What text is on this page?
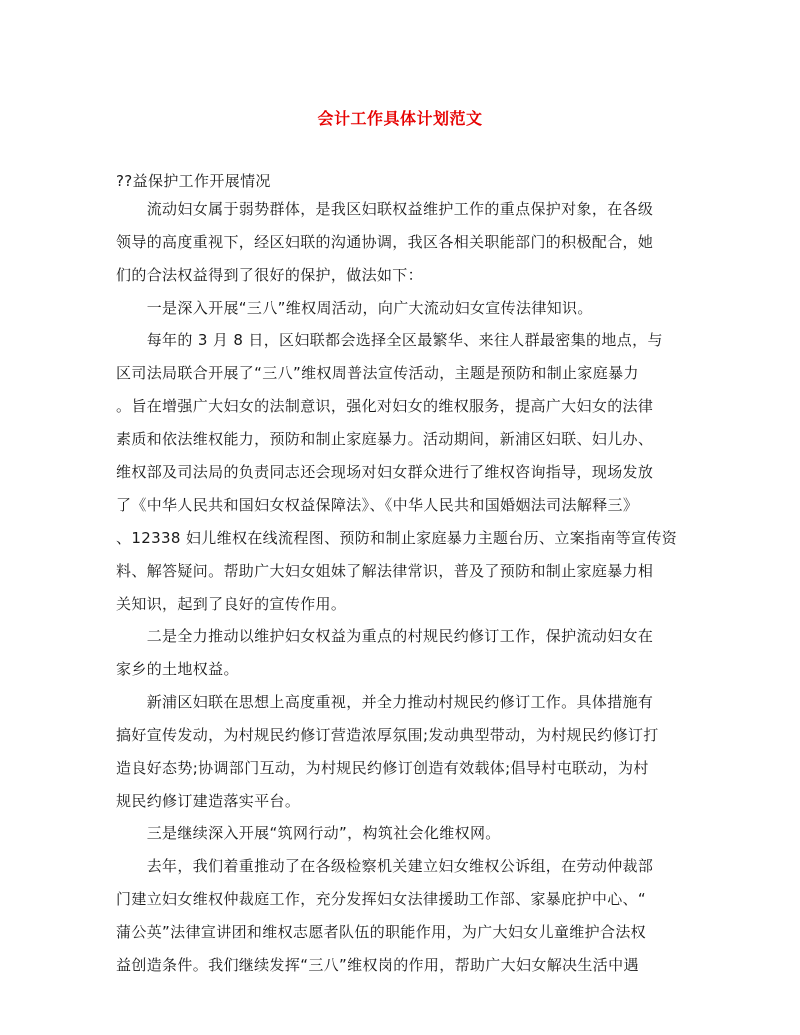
会计工作具体计划范文
??益保护工作开展情况
　　流动妇女属于弱势群体，是我区妇联权益维护工作的重点保护对象，在各级
领导的高度重视下，经区妇联的沟通协调，我区各相关职能部门的积极配合，她
们的合法权益得到了很好的保护，做法如下：
　　一是深入开展“三八”维权周活动，向广大流动妇女宣传法律知识。
　　每年的 3 月 8 日，区妇联都会选择全区最繁华、来往人群最密集的地点，与
区司法局联合开展了“三八”维权周普法宣传活动，主题是预防和制止家庭暴力
。旨在增强广大妇女的法制意识，强化对妇女的维权服务，提高广大妇女的法律
素质和依法维权能力，预防和制止家庭暴力。活动期间，新浦区妇联、妇儿办、
维权部及司法局的负责同志还会现场对妇女群众进行了维权咨询指导，现场发放
了《中华人民共和国妇女权益保障法》、《中华人民共和国婚姻法司法解释三》
、12338 妇儿维权在线流程图、预防和制止家庭暴力主题台历、立案指南等宣传资
料、解答疑问。帮助广大妇女姐妹了解法律常识，普及了预防和制止家庭暴力相
关知识，起到了良好的宣传作用。
　　二是全力推动以维护妇女权益为重点的村规民约修订工作，保护流动妇女在
家乡的土地权益。
　　新浦区妇联在思想上高度重视，并全力推动村规民约修订工作。具体措施有
搞好宣传发动，为村规民约修订营造浓厚氛围;发动典型带动，为村规民约修订打
造良好态势;协调部门互动，为村规民约修订创造有效载体;倡导村屯联动，为村
规民约修订建造落实平台。
　　三是继续深入开展“筑网行动”，构筑社会化维权网。
　　去年，我们着重推动了在各级检察机关建立妇女维权公诉组，在劳动仲裁部
门建立妇女维权仲裁庭工作，充分发挥妇女法律援助工作部、家暴庇护中心、“
蒲公英”法律宣讲团和维权志愿者队伍的职能作用，为广大妇女儿童维护合法权
益创造条件。我们继续发挥“三八”维权岗的作用，帮助广大妇女解决生活中遇
